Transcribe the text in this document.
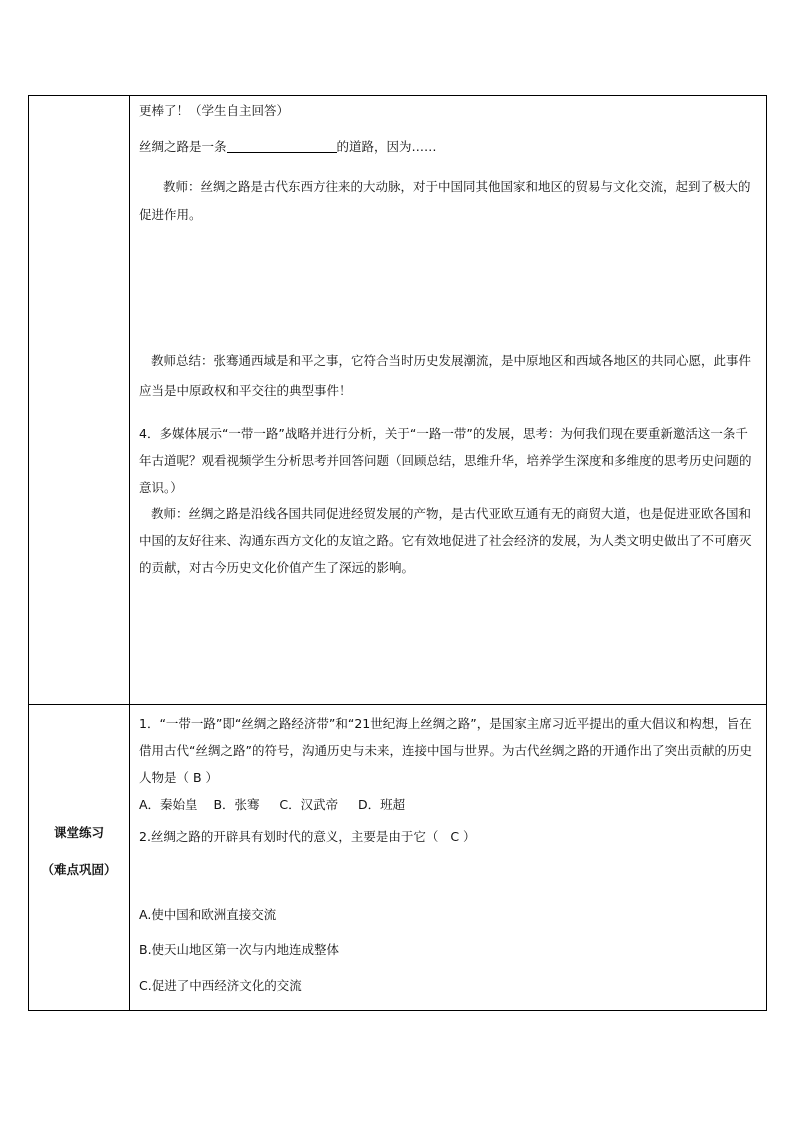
更棒了！（学生自主回答）
丝绸之路是一条	的道路，因为……
教师：丝绸之路是古代东西方往来的大动脉，对于中国同其他国家和地区的贸易与文化交流，起到了极大的促进作用。
教师总结：张骞通西域是和平之事，它符合当时历史发展潮流，是中原地区和西域各地区的共同心愿，此事件应当是中原政权和平交往的典型事件！
4．多媒体展示“一带一路”战略并进行分析，关于“一路一带”的发展，思考：为何我们现在要重新邀活这一条千年古道呢？观看视频学生分析思考并回答问题（回顾总结，思维升华，培养学生深度和多维度的思考历史问题的意识。）
教师：丝绸之路是沿线各国共同促进经贸发展的产物，是古代亚欧互通有无的商贸大道，也是促进亚欧各国和中国的友好往来、沟通东西方文化的友谊之路。它有效地促进了社会经济的发展，为人类文明史做出了不可磨灭的贡献，对古今历史文化价值产生了深远的影响。
课堂练习
（难点巩固）
1．“一带一路”即“丝绸之路经济带”和“21世纪海上丝绸之路”，是国家主席习近平提出的重大倡议和构想，旨在借用古代“丝绸之路”的符号，沟通历史与未来，连接中国与世界。为古代丝绸之路的开通作出了突出贡献的历史人物是（ B ）
A．秦始皇    B．张骞     C．汉武帝     D．班超
2.丝绸之路的开辟具有划时代的意义，主要是由于它（   C ）
A.使中国和欧洲直接交流
B.使天山地区第一次与内地连成整体
C.促进了中西经济文化的交流
